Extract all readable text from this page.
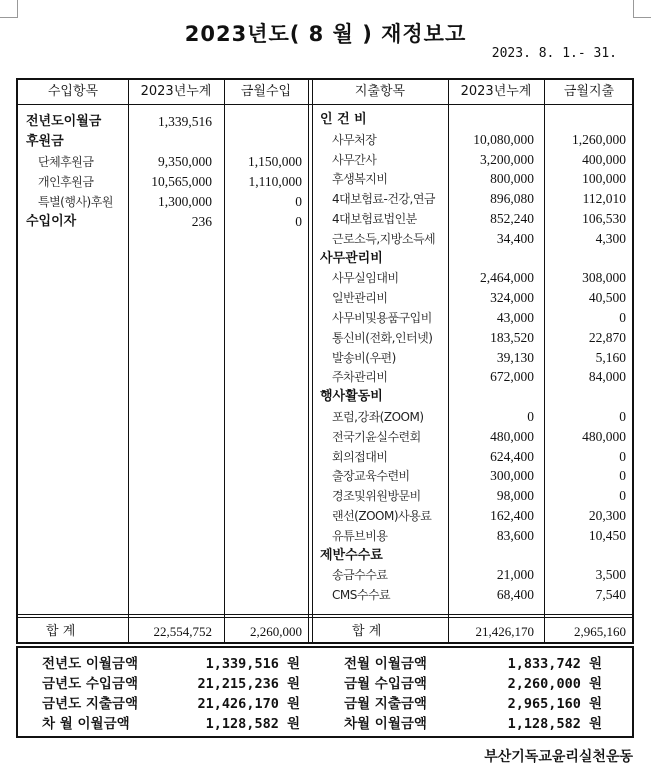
2023년도( 8 월 ) 재정보고
2023. 8. 1.- 31.
수입항목	2023년누계	금월수입	지출항목	2023년누계	금월지출
전년도이월금	1,339,516
후원금
단체후원금	9,350,000	1,150,000
개인후원금	10,565,000	1,110,000
특별(행사)후원	1,300,000	0
수입이자	236	0
인 건 비
사무처장	10,080,000	1,260,000
사무간사	3,200,000	400,000
후생복지비	800,000	100,000
4대보험료-건강,연금	896,080	112,010
4대보험료법인분	852,240	106,530
근로소득,지방소득세	34,400	4,300
사무관리비
사무실임대비	2,464,000	308,000
일반관리비	324,000	40,500
사무비및용품구입비	43,000	0
통신비(전화,인터넷)	183,520	22,870
발송비(우편)	39,130	5,160
주차관리비	672,000	84,000
행사활동비
포럼,강좌(ZOOM)	0	0
전국기윤실수련회	480,000	480,000
회의접대비	624,400	0
출장교육수련비	300,000	0
경조및위원방문비	98,000	0
랜선(ZOOM)사용료	162,400	20,300
유튜브비용	83,600	10,450
제반수수료
송금수수료	21,000	3,500
CMS수수료	68,400	7,540
합 계	22,554,752	2,260,000	합 계	21,426,170	2,965,160
전년도 이월금액	1,339,516 원
금년도 수입금액	21,215,236 원
금년도 지출금액	21,426,170 원
차 월 이월금액	1,128,582 원
전월 이월금액	1,833,742 원
금월 수입금액	2,260,000 원
금월 지출금액	2,965,160 원
차월 이월금액	1,128,582 원
부산기독교윤리실천운동
